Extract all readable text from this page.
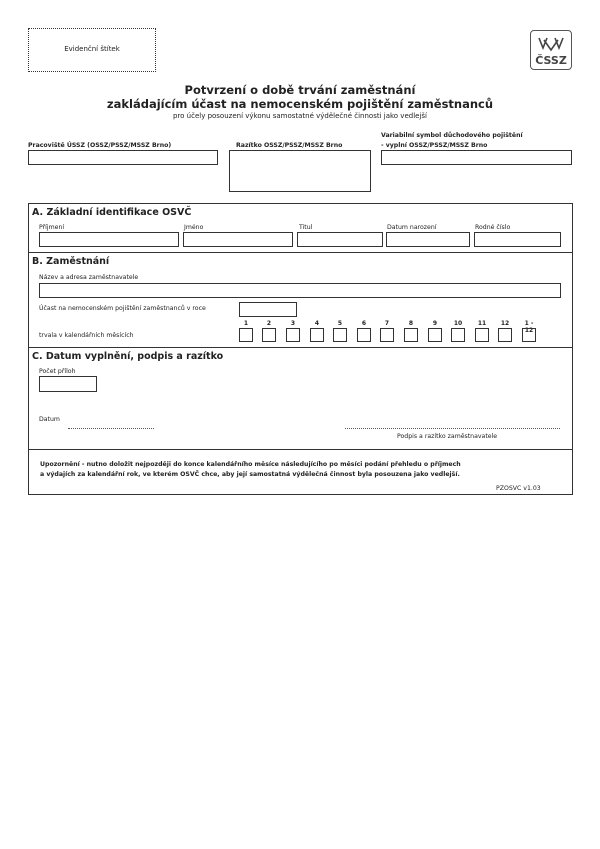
Evidenční štítek
ČSSZ
Potvrzení o době trvání zaměstnání
zakládajícím účast na nemocenském pojištění zaměstnanců
pro účely posouzení výkonu samostatné výdělečné činnosti jako vedlejší
Pracoviště ÚSSZ (OSSZ/PSSZ/MSSZ Brno)	Razítko OSSZ/PSSZ/MSSZ Brno
Variabilní symbol důchodového pojištění
- vyplní OSSZ/PSSZ/MSSZ Brno
A. Základní identifikace OSVČ
Příjmení	Jméno	Titul	Datum narození	Rodné číslo
B. Zaměstnání
Název a adresa zaměstnavatele
Účast na nemocenském pojištění zaměstnanců v roce
trvala v kalendářních měsících
1	2	3	4	5	6	7	8	9	10	11	12	1 - 12
C. Datum vyplnění, podpis a razítko
Počet příloh
Datum
Podpis a razítko zaměstnavatele
Upozornění - nutno doložit nejpozději do konce kalendářního měsíce následujícího po měsíci podání přehledu o příjmech
a výdajích za kalendářní rok, ve kterém OSVČ chce, aby její samostatná výdělečná činnost byla posouzena jako vedlejší.
PZOSVC v1.03
